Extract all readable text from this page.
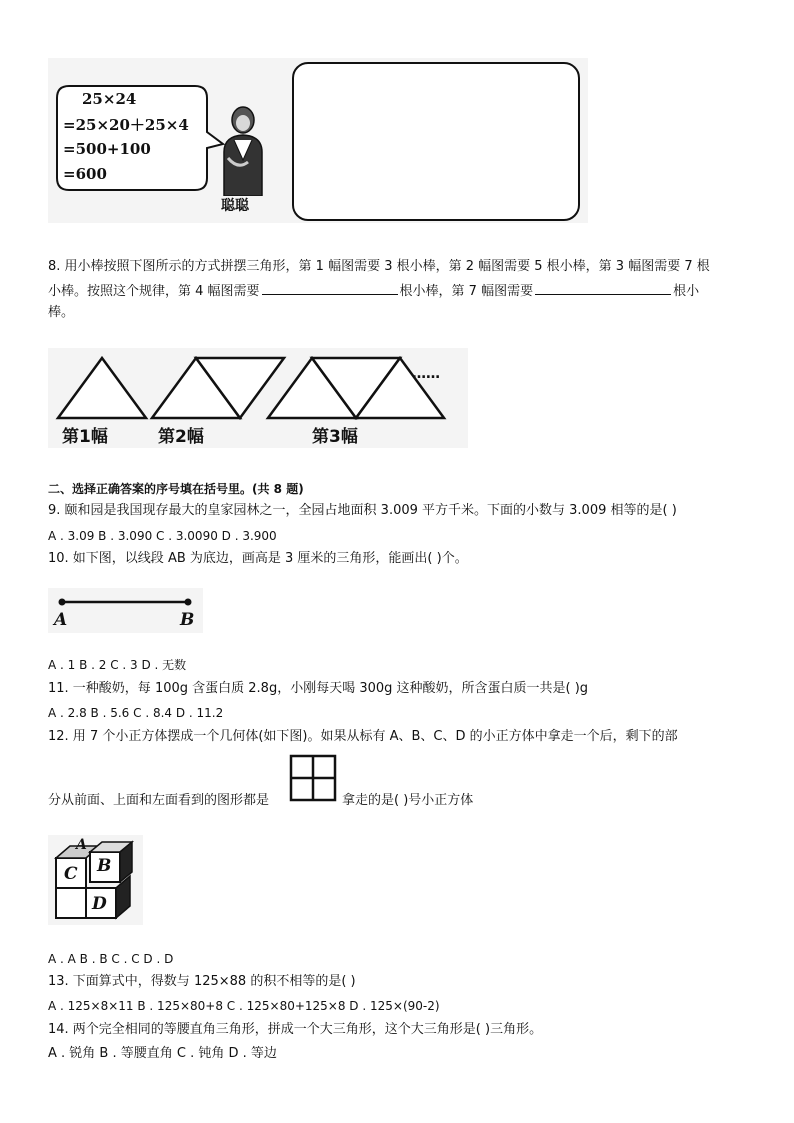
25×24
=25×20＋25×4
=500+100
=600
聪聪
8. 用小棒按照下图所示的方式拼摆三角形，第 1 幅图需要 3 根小棒，第 2 幅图需要 5 根小棒，第 3 幅图需要 7 根
小棒。按照这个规律，第 4 幅图需要	根小棒，第 7 幅图需要	根小
棒。
……
第1幅	第2幅	第3幅
二、选择正确答案的序号填在括号里。(共 8 题)
9. 颐和园是我国现存最大的皇家园林之一，全园占地面积 3.009 平方千米。下面的小数与 3.009 相等的是( )
A . 3.09 B . 3.090 C . 3.0090 D . 3.900
10. 如下图，以线段 AB 为底边，画高是 3 厘米的三角形，能画出( )个。
A	B
A . 1 B . 2 C . 3 D . 无数
11. 一种酸奶，每 100g 含蛋白质 2.8g，小刚每天喝 300g 这种酸奶，所含蛋白质一共是( )g
A . 2.8 B . 5.6 C . 8.4 D . 11.2
12. 用 7 个小正方体摆成一个几何体(如下图)。如果从标有 A、B、C、D 的小正方体中拿走一个后，剩下的部
分从前面、上面和左面看到的图形都是	拿走的是( )号小正方体
A
B
C
D
A . A B . B C . C D . D
13. 下面算式中，得数与 125×88 的积不相等的是( )
A . 125×8×11 B . 125×80+8 C . 125×80+125×8 D . 125×(90-2)
14. 两个完全相同的等腰直角三角形，拼成一个大三角形，这个大三角形是( )三角形。
A . 锐角 B . 等腰直角 C . 钝角 D . 等边
